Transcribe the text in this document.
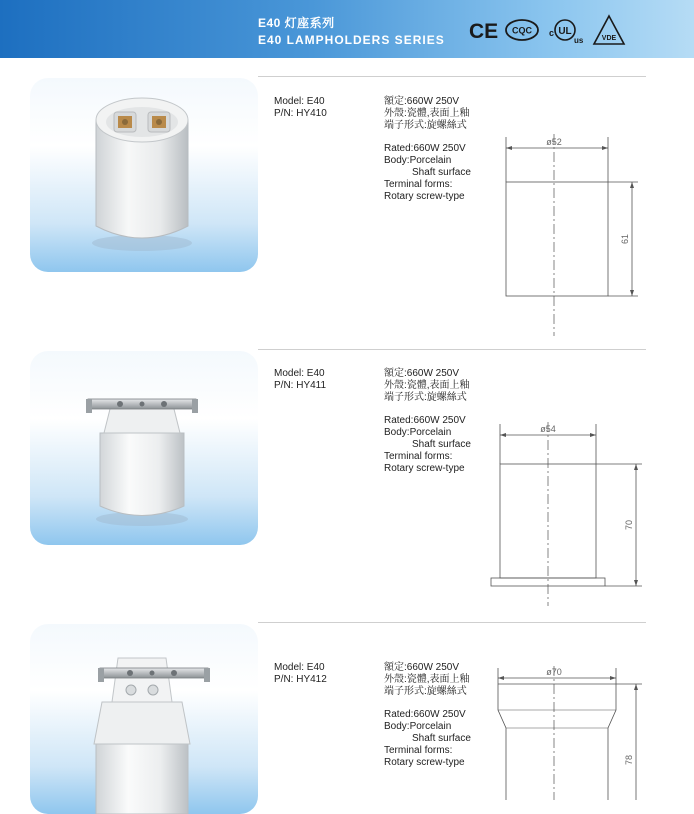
E40 灯座系列
E40 LAMPHOLDERS SERIES CE CQC c UL
us	VDE
Model: E40
P/N: HY410
額定:660W 250V
外殼:瓷體,表面上釉
端子形式:旋螺絲式
Rated:660W 250V
Body:Porcelain
Shaft surface
Terminal forms:
Rotary screw-type
ø52
61
Model: E40
P/N: HY411
額定:660W 250V
外殼:瓷體,表面上釉
端子形式:旋螺絲式
Rated:660W 250V
Body:Porcelain
Shaft surface
Terminal forms:
Rotary screw-type
ø54
70
Model: E40
P/N: HY412
額定:660W 250V
外殼:瓷體,表面上釉
端子形式:旋螺絲式
Rated:660W 250V
Body:Porcelain
Shaft surface
Terminal forms:
Rotary screw-type
ø70
78
